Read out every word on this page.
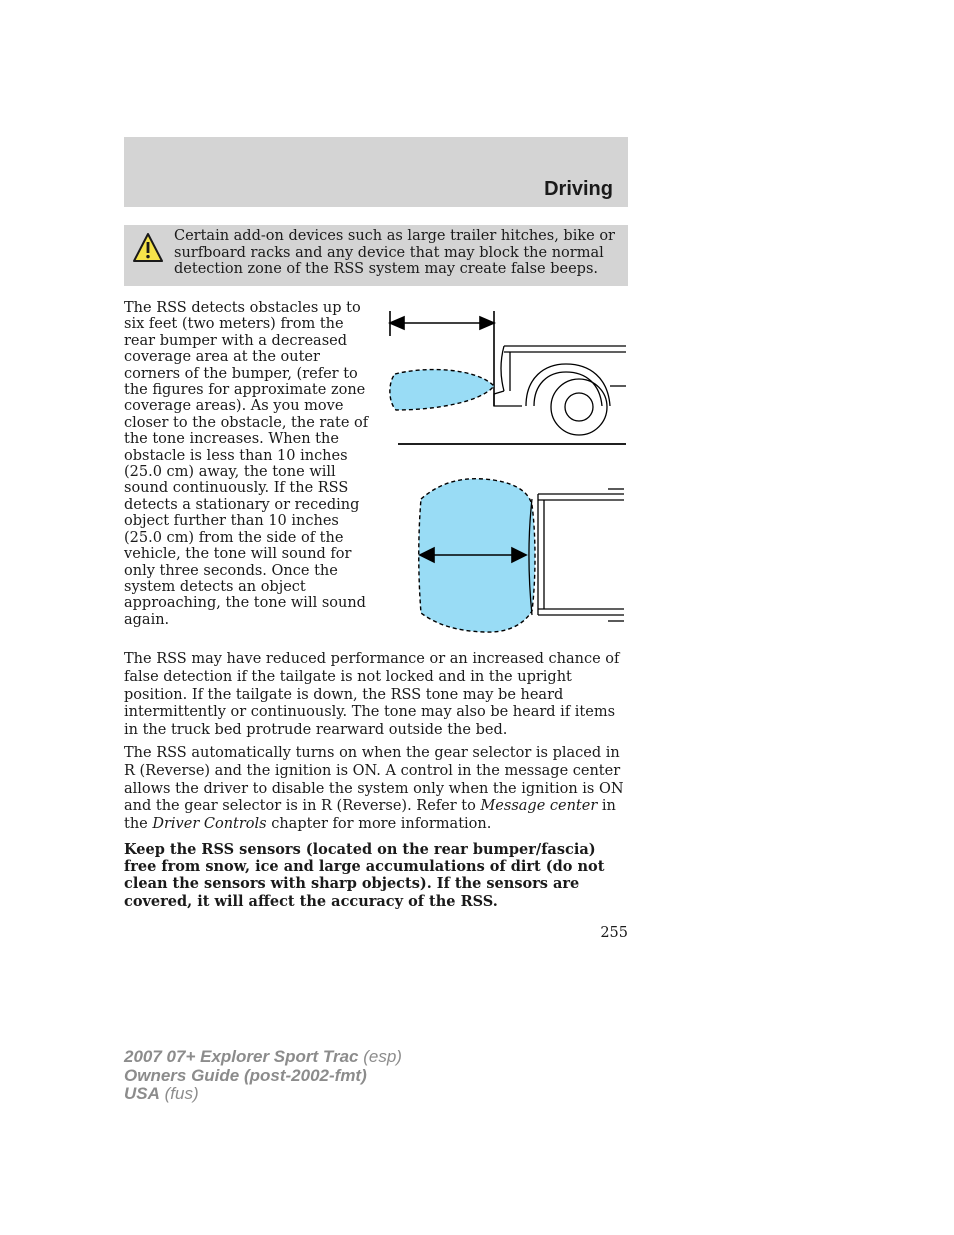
Driving
Certain add-on devices such as large trailer hitches, bike or surfboard racks and any device that may block the normal detection zone of the RSS system may create false beeps.
The RSS detects obstacles up to six feet (two meters) from the rear bumper with a decreased coverage area at the outer corners of the bumper, (refer to the figures for approximate zone coverage areas). As you move closer to the obstacle, the rate of the tone increases. When the obstacle is less than 10 inches (25.0 cm) away, the tone will sound continuously. If the RSS detects a stationary or receding object further than 10 inches (25.0 cm) from the side of the vehicle, the tone will sound for only three seconds. Once the system detects an object approaching, the tone will sound again.
The RSS may have reduced performance or an increased chance of false detection if the tailgate is not locked and in the upright position. If the tailgate is down, the RSS tone may be heard intermittently or continuously. The tone may also be heard if items in the truck bed protrude rearward outside the bed.
The RSS automatically turns on when the gear selector is placed in R (Reverse) and the ignition is ON. A control in the message center allows the driver to disable the system only when the ignition is ON and the gear selector is in R (Reverse). Refer to Message center in the Driver Controls chapter for more information.
Keep the RSS sensors (located on the rear bumper/fascia) free from snow, ice and large accumulations of dirt (do not clean the sensors with sharp objects). If the sensors are covered, it will affect the accuracy of the RSS.
255
2007 07+ Explorer Sport Trac (esp)
Owners Guide (post-2002-fmt)
USA (fus)
